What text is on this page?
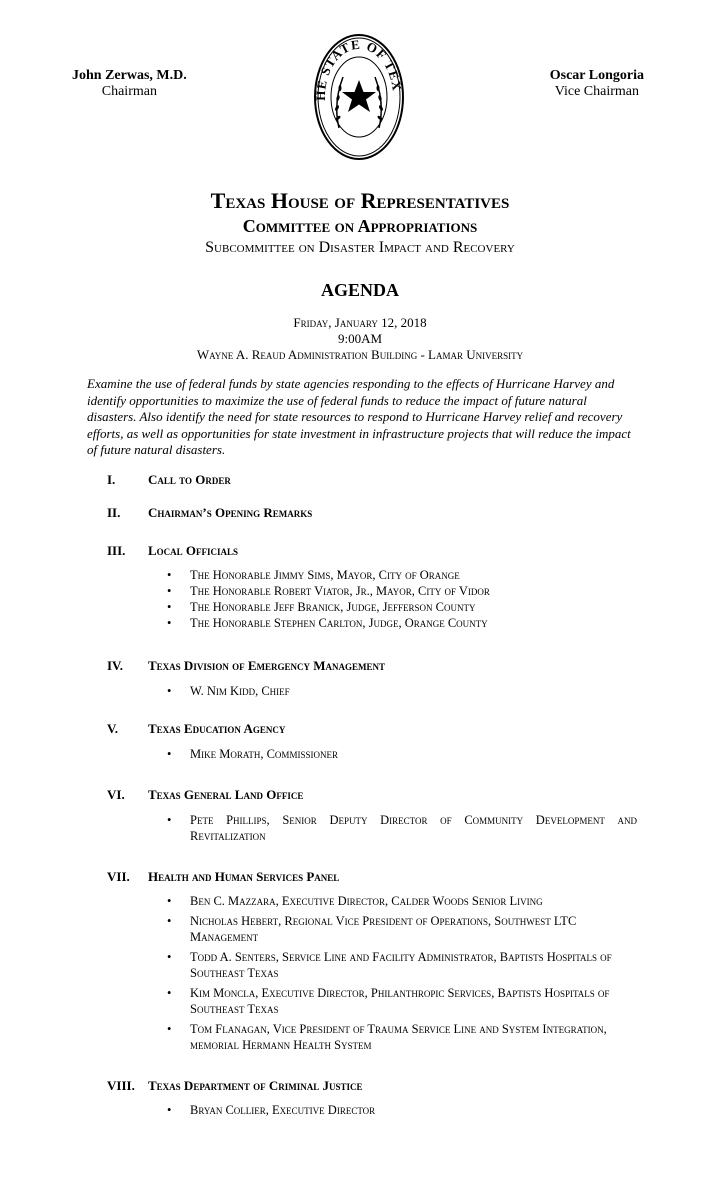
John Zerwas, M.D.
Chairman
Oscar Longoria
Vice Chairman
HE STATE OF TEX
Texas House of Representatives
Committee on Appropriations
Subcommittee on Disaster Impact and Recovery
AGENDA
Friday, January 12, 2018
9:00AM
Wayne A. Reaud Administration Building - Lamar University
Examine the use of federal funds by state agencies responding to the effects of Hurricane Harvey and identify opportunities to maximize the use of federal funds to reduce the impact of future natural disasters. Also identify the need for state resources to respond to Hurricane Harvey relief and recovery efforts, as well as opportunities for state investment in infrastructure projects that will reduce the impact of future natural disasters.
I.	Call to Order
II. Chairman’s Opening Remarks
III. Local Officials
• The Honorable Jimmy Sims, Mayor, City of Orange
• The Honorable Robert Viator, Jr., Mayor, City of Vidor
• The Honorable Jeff Branick, Judge, Jefferson County
• The Honorable Stephen Carlton, Judge, Orange County
IV. Texas Division of Emergency Management
• W. Nim Kidd, Chief
V. Texas Education Agency
• Mike Morath, Commissioner
VI. Texas General Land Office
• Pete Phillips, Senior Deputy Director of Community Development and Revitalization
VII. Health and Human Services Panel
• Ben C. Mazzara, Executive Director, Calder Woods Senior Living
• Nicholas Hebert, Regional Vice President of Operations, Southwest LTC Management
• Todd A. Senters, Service Line and Facility Administrator, Baptists Hospitals of Southeast Texas
• Kim Moncla, Executive Director, Philanthropic Services, Baptists Hospitals of Southeast Texas
• Tom Flanagan, Vice President of Trauma Service Line and System Integration, memorial Hermann Health System
VIII. Texas Department of Criminal Justice
• Bryan Collier, Executive Director
